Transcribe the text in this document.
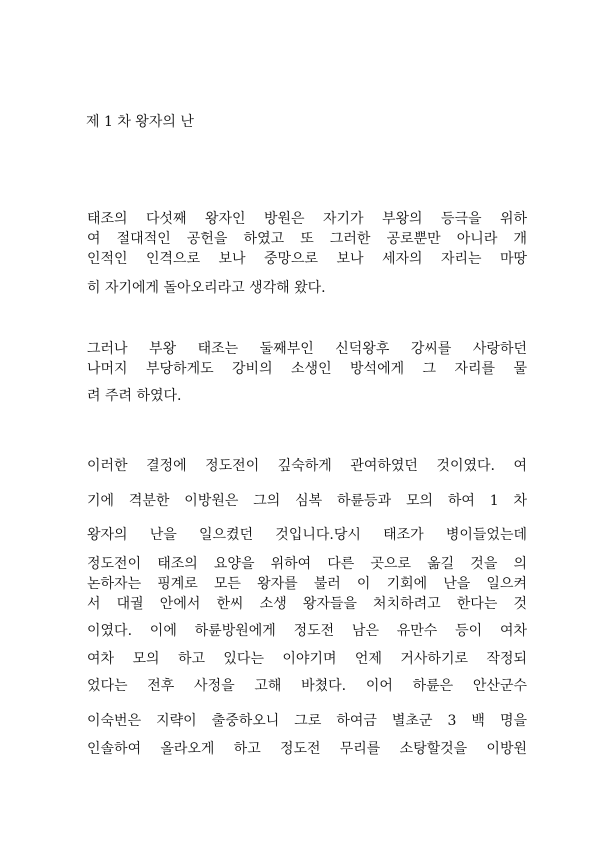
제 1 차 왕자의 난
태조의 다섯째 왕자인 방원은 자기가 부왕의 등극을 위하
여 절대적인 공헌을 하였고 또 그러한 공로뿐만 아니라 개
인적인 인격으로 보나 중망으로 보나 세자의 자리는 마땅
히 자기에게 돌아오리라고 생각해 왔다.
그러나 부왕 태조는 둘째부인 신덕왕후 강씨를 사랑하던
나머지 부당하게도 강비의 소생인 방석에게 그 자리를 물
려 주려 하였다.
이러한 결정에 정도전이 깊숙하게 관여하였던 것이였다. 여
기에 격분한 이방원은 그의 심복 하륜등과 모의 하여 1 차
왕자의 난을 일으켰던 것입니다.당시 태조가 병이들었는데
정도전이 태조의 요양을 위하여 다른 곳으로 옮길 것을 의
논하자는 핑계로 모든 왕자를 불러 이 기회에 난을 일으켜
서 대궐 안에서 한씨 소생 왕자들을 처치하려고 한다는 것
이였다. 이에 하륜방원에게 정도전 남은 유만수 등이 여차
여차 모의 하고 있다는 이야기며 언제 거사하기로 작정되
었다는 전후 사정을 고해 바쳤다. 이어 하륜은 안산군수
이숙번은 지략이 출중하오니 그로 하여금 별초군 3 백 명을
인솔하여 올라오게 하고 정도전 무리를 소탕할것을 이방원
